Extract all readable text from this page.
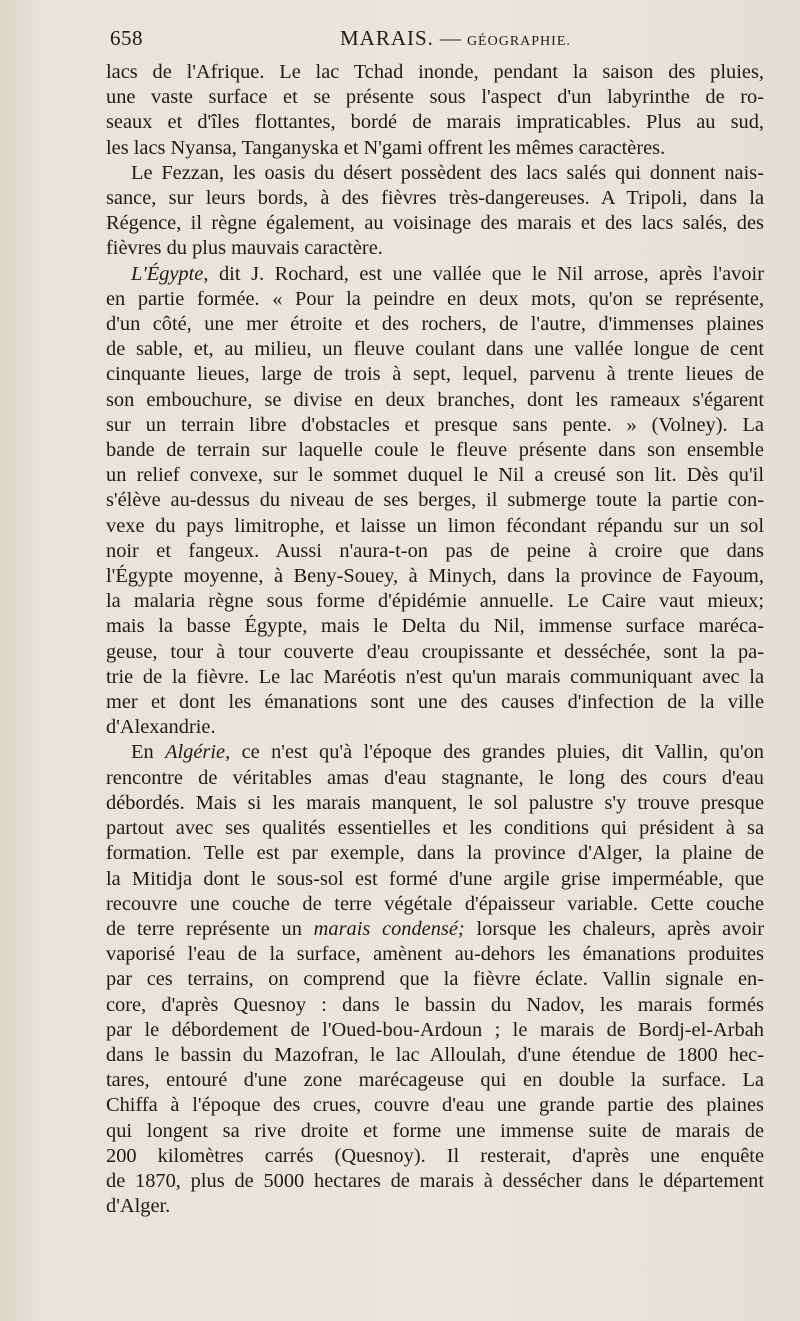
658	MARAIS. — GÉOGRAPHIE.

lacs de l'Afrique. Le lac Tchad inonde, pendant la saison des pluies,
une vaste surface et se présente sous l'aspect d'un labyrinthe de ro-
seaux et d'îles flottantes, bordé de marais impraticables. Plus au sud,
les lacs Nyansa, Tanganyska et N'gami offrent les mêmes caractères.

Le Fezzan, les oasis du désert possèdent des lacs salés qui donnent nais-
sance, sur leurs bords, à des fièvres très-dangereuses. A Tripoli, dans la
Régence, il règne également, au voisinage des marais et des lacs salés, des
fièvres du plus mauvais caractère.

L'Égypte, dit J. Rochard, est une vallée que le Nil arrose, après l'avoir
en partie formée. « Pour la peindre en deux mots, qu'on se représente,
d'un côté, une mer étroite et des rochers, de l'autre, d'immenses plaines
de sable, et, au milieu, un fleuve coulant dans une vallée longue de cent
cinquante lieues, large de trois à sept, lequel, parvenu à trente lieues de
son embouchure, se divise en deux branches, dont les rameaux s'égarent
sur un terrain libre d'obstacles et presque sans pente. » (Volney). La
bande de terrain sur laquelle coule le fleuve présente dans son ensemble
un relief convexe, sur le sommet duquel le Nil a creusé son lit. Dès qu'il
s'élève au-dessus du niveau de ses berges, il submerge toute la partie con-
vexe du pays limitrophe, et laisse un limon fécondant répandu sur un sol
noir et fangeux. Aussi n'aura-t-on pas de peine à croire que dans
l'Égypte moyenne, à Beny-Souey, à Minych, dans la province de Fayoum,
la malaria règne sous forme d'épidémie annuelle. Le Caire vaut mieux;
mais la basse Égypte, mais le Delta du Nil, immense surface maréca-
geuse, tour à tour couverte d'eau croupissante et desséchée, sont la pa-
trie de la fièvre. Le lac Maréotis n'est qu'un marais communiquant avec la
mer et dont les émanations sont une des causes d'infection de la ville
d'Alexandrie.

En Algérie, ce n'est qu'à l'époque des grandes pluies, dit Vallin, qu'on
rencontre de véritables amas d'eau stagnante, le long des cours d'eau
débordés. Mais si les marais manquent, le sol palustre s'y trouve presque
partout avec ses qualités essentielles et les conditions qui président à sa
formation. Telle est par exemple, dans la province d'Alger, la plaine de
la Mitidja dont le sous-sol est formé d'une argile grise imperméable, que
recouvre une couche de terre végétale d'épaisseur variable. Cette couche
de terre représente un marais condensé; lorsque les chaleurs, après avoir
vaporisé l'eau de la surface, amènent au-dehors les émanations produites
par ces terrains, on comprend que la fièvre éclate. Vallin signale en-
core, d'après Quesnoy : dans le bassin du Nadov, les marais formés
par le débordement de l'Oued-bou-Ardoun ; le marais de Bordj-el-Arbah
dans le bassin du Mazofran, le lac Alloulah, d'une étendue de 1800 hec-
tares, entouré d'une zone marécageuse qui en double la surface. La
Chiffa à l'époque des crues, couvre d'eau une grande partie des plaines
qui longent sa rive droite et forme une immense suite de marais de
200 kilomètres carrés (Quesnoy). Il resterait, d'après une enquête
de 1870, plus de 5000 hectares de marais à dessécher dans le département
d'Alger.
